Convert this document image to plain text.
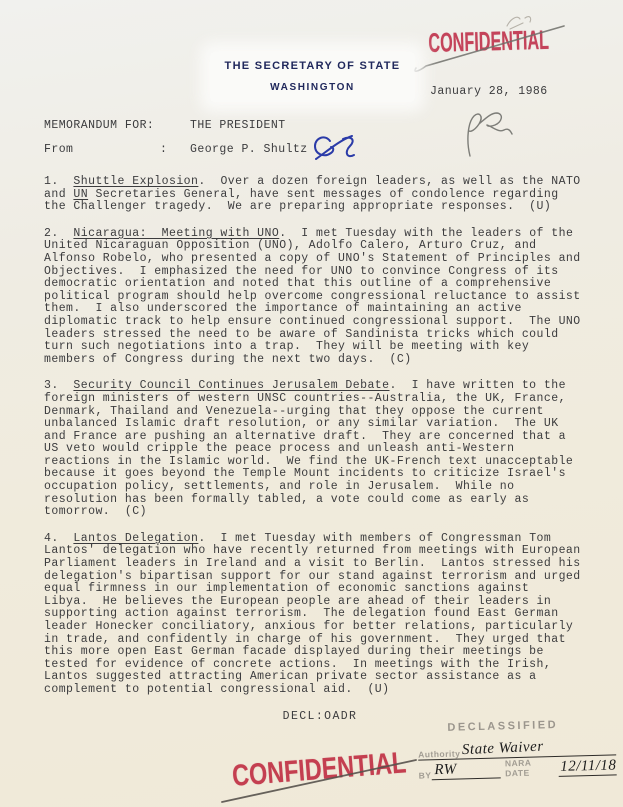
CONFIDENTIAL
THE SECRETARY OF STATE
WASHINGTON	January 28, 1986
MEMORANDUM FOR:	THE PRESIDENT
From	: George P. Shultz
1.  Shuttle Explosion.  Over a dozen foreign leaders, as well as the NATO
and UN Secretaries General, have sent messages of condolence regarding
the Challenger tragedy.  We are preparing appropriate responses.  (U)
2.  Nicaragua:  Meeting with UNO.  I met Tuesday with the leaders of the
United Nicaraguan Opposition (UNO), Adolfo Calero, Arturo Cruz, and
Alfonso Robelo, who presented a copy of UNO's Statement of Principles and
Objectives.  I emphasized the need for UNO to convince Congress of its
democratic orientation and noted that this outline of a comprehensive
political program should help overcome congressional reluctance to assist
them.  I also underscored the importance of maintaining an active
diplomatic track to help ensure continued congressional support.  The UNO
leaders stressed the need to be aware of Sandinista tricks which could
turn such negotiations into a trap.  They will be meeting with key
members of Congress during the next two days.  (C)
3.  Security Council Continues Jerusalem Debate.  I have written to the
foreign ministers of western UNSC countries--Australia, the UK, France,
Denmark, Thailand and Venezuela--urging that they oppose the current
unbalanced Islamic draft resolution, or any similar variation.  The UK
and France are pushing an alternative draft.  They are concerned that a
US veto would cripple the peace process and unleash anti-Western
reactions in the Islamic world.  We find the UK-French text unacceptable
because it goes beyond the Temple Mount incidents to criticize Israel's
occupation policy, settlements, and role in Jerusalem.  While no
resolution has been formally tabled, a vote could come as early as
tomorrow.  (C)
4.  Lantos Delegation.  I met Tuesday with members of Congressman Tom
Lantos' delegation who have recently returned from meetings with European
Parliament leaders in Ireland and a visit to Berlin.  Lantos stressed his
delegation's bipartisan support for our stand against terrorism and urged
equal firmness in our implementation of economic sanctions against
Libya.  He believes the European people are ahead of their leaders in
supporting action against terrorism.  The delegation found East German
leader Honecker conciliatory, anxious for better relations, particularly
in trade, and confidently in charge of his government.  They urged that
this more open East German facade displayed during their meetings be
tested for evidence of concrete actions.  In meetings with the Irish,
Lantos suggested attracting American private sector assistance as a
complement to potential congressional aid.  (U)
DECL:OADR
DECLASSIFIED
Authority State Waiver
BY RW	NARA DATE	12/11/18
CONFIDENTIAL
